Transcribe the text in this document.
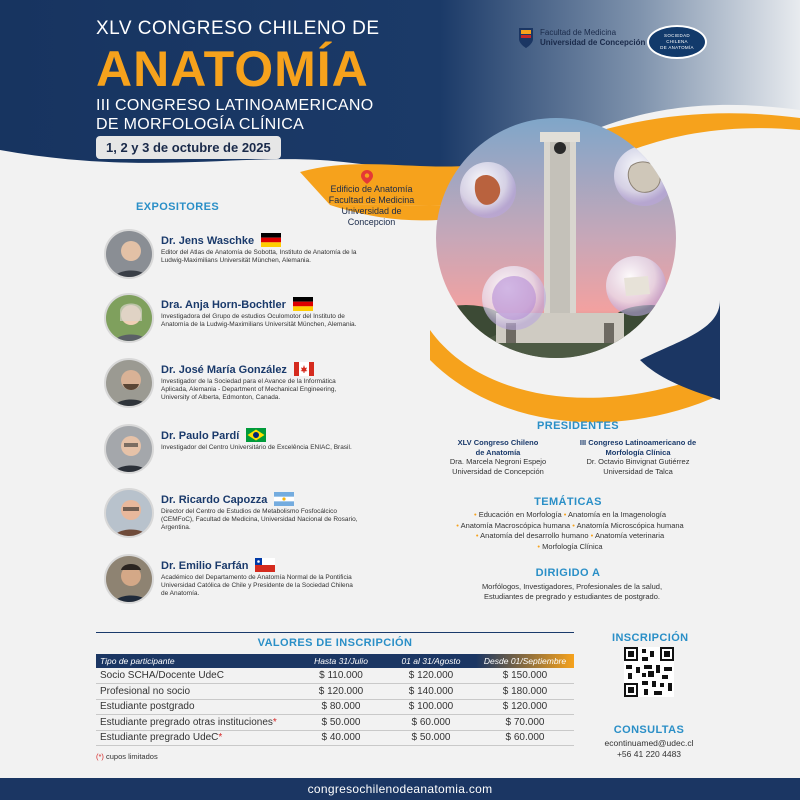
XLV CONGRESO CHILENO DE
ANATOMÍA
III CONGRESO LATINOAMERICANO
DE MORFOLOGÍA CLÍNICA
1, 2 y 3 de octubre de 2025
Facultad de Medicina
Universidad de Concepción
SOCIEDAD
CHILENA
DE ANATOMÍA
Edificio de Anatomía
Facultad de Medicina
Universidad de
Concepcion
EXPOSITORES
Dr. Jens Waschke
Editor del Atlas de Anatomía de Sobotta, Instituto de Anatomía de la Ludwig-Maximilians Universität München, Alemania.
Dra. Anja Horn-Bochtler
Investigadora del Grupo de estudios Oculomotor del Instituto de Anatomía de la Ludwig-Maximilians Universität München, Alemania.
Dr. José María González
Investigador de la Sociedad para el Avance de la Informática Aplicada, Alemania - Department of Mechanical Engineering, University of Alberta, Edmonton, Canada.
Dr. Paulo Pardí
Investigador del Centro Universitário de Excelência ENIAC, Brasil.
Dr. Ricardo Capozza
Director del Centro de Estudios de Metabolismo Fosfocálcico (CEMFoC), Facultad de Medicina, Universidad Nacional de Rosario, Argentina.
Dr. Emilio Farfán
Académico del Departamento de Anatomía Normal de la Pontificia Universidad Católica de Chile y Presidente de la Sociedad Chilena de Anatomía.
PRESIDENTES
XLV Congreso Chileno
de Anatomía
Dra. Marcela Negroni Espejo
Universidad de Concepción
III Congreso Latinoamericano de
Morfología Clínica
Dr. Octavio Binvignat Gutiérrez
Universidad de Talca
TEMÁTICAS
• Educación en Morfología • Anatomía en la Imagenología
• Anatomía Macroscópica humana • Anatomía Microscópica humana
• Anatomía del desarrollo humano • Anatomía veterinaria
• Morfología Clínica
DIRIGIDO A
Morfólogos, Investigadores, Profesionales de la salud,
Estudiantes de pregrado y estudiantes de postgrado.
VALORES DE INSCRIPCIÓN
Tipo de participante	Hasta 31/Julio	01 al 31/Agosto	Desde 01/Septiembre
Socio SCHA/Docente UdeC	$ 110.000	$ 120.000	$ 150.000
Profesional no socio	$ 120.000	$ 140.000	$ 180.000
Estudiante postgrado	$ 80.000	$ 100.000	$ 120.000
Estudiante pregrado otras instituciones*	$ 50.000	$ 60.000	$ 70.000
Estudiante pregrado UdeC*	$ 40.000	$ 50.000	$ 60.000
(*) cupos limitados
INSCRIPCIÓN
CONSULTAS
econtinuamed@udec.cl
+56 41 220 4483
congresochilenodeanatomia.com
